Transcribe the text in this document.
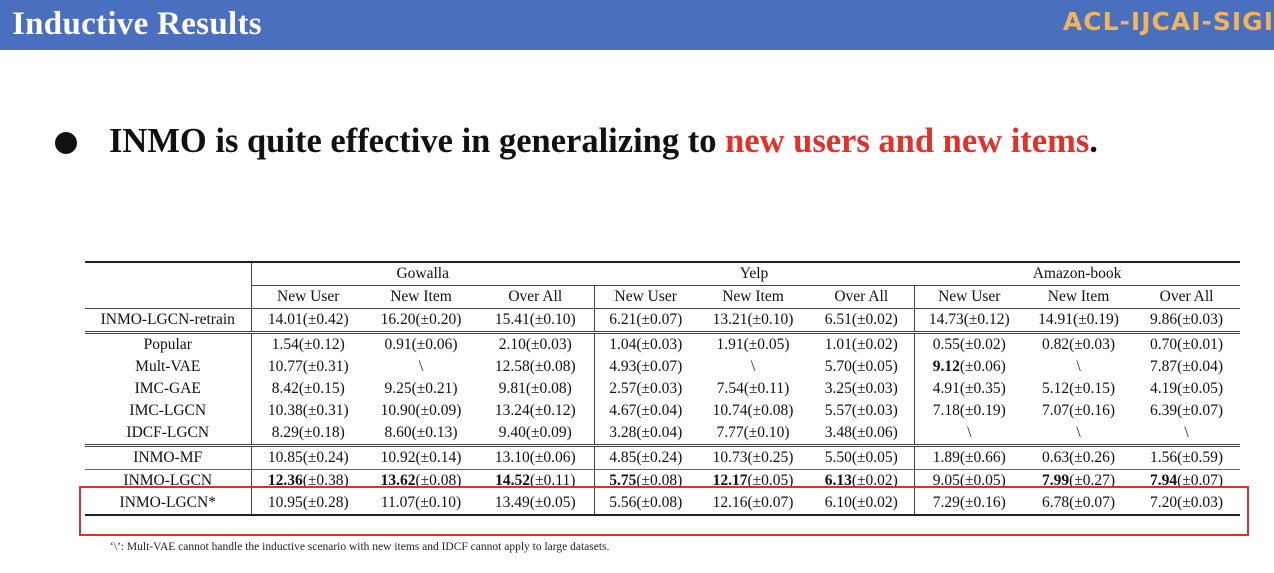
Inductive Results	ACL-IJCAI-SIGI
INMO is quite effective in generalizing to new users and new items.
	Gowalla			Yelp			Amazon-book		
	New User	New Item	Over All	New User	New Item	Over All	New User	New Item	Over All
INMO-LGCN-retrain	14.01(±0.42)	16.20(±0.20)	15.41(±0.10)	6.21(±0.07)	13.21(±0.10)	6.51(±0.02)	14.73(±0.12)	14.91(±0.19)	9.86(±0.03)
Popular	1.54(±0.12)	0.91(±0.06)	2.10(±0.03)	1.04(±0.03)	1.91(±0.05)	1.01(±0.02)	0.55(±0.02)	0.82(±0.03)	0.70(±0.01)
Mult-VAE	10.77(±0.31)	\	12.58(±0.08)	4.93(±0.07)	\	5.70(±0.05)	9.12(±0.06)	\	7.87(±0.04)
IMC-GAE	8.42(±0.15)	9.25(±0.21)	9.81(±0.08)	2.57(±0.03)	7.54(±0.11)	3.25(±0.03)	4.91(±0.35)	5.12(±0.15)	4.19(±0.05)
IMC-LGCN	10.38(±0.31)	10.90(±0.09)	13.24(±0.12)	4.67(±0.04)	10.74(±0.08)	5.57(±0.03)	7.18(±0.19)	7.07(±0.16)	6.39(±0.07)
IDCF-LGCN	8.29(±0.18)	8.60(±0.13)	9.40(±0.09)	3.28(±0.04)	7.77(±0.10)	3.48(±0.06)	\	\	\
INMO-MF	10.85(±0.24)	10.92(±0.14)	13.10(±0.06)	4.85(±0.24)	10.73(±0.25)	5.50(±0.05)	1.89(±0.66)	0.63(±0.26)	1.56(±0.59)
INMO-LGCN	12.36(±0.38)	13.62(±0.08)	14.52(±0.11)	5.75(±0.08)	12.17(±0.05)	6.13(±0.02)	9.05(±0.05)	7.99(±0.27)	7.94(±0.07)
INMO-LGCN*	10.95(±0.28)	11.07(±0.10)	13.49(±0.05)	5.56(±0.08)	12.16(±0.07)	6.10(±0.02)	7.29(±0.16)	6.78(±0.07)	7.20(±0.03)
‘\’: Mult-VAE cannot handle the inductive scenario with new items and IDCF cannot apply to large datasets.
